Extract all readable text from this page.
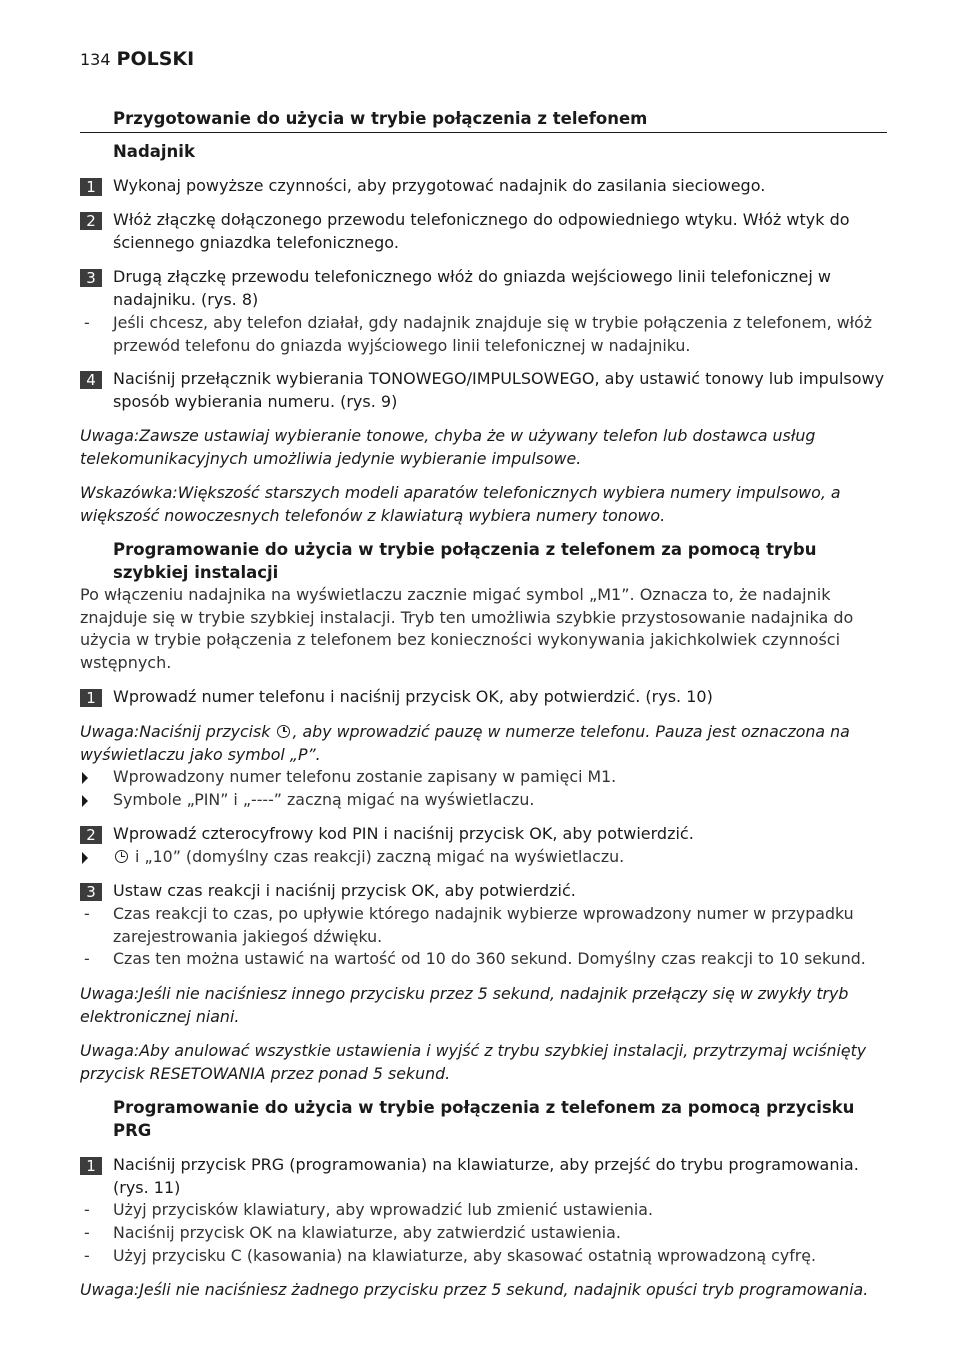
134 POLSKI
Przygotowanie do użycia w trybie połączenia z telefonem
Nadajnik
1	Wykonaj powyższe czynności, aby przygotować nadajnik do zasilania sieciowego.
2	Włóż złączkę dołączonego przewodu telefonicznego do odpowiedniego wtyku. Włóż wtyk do ściennego gniazdka telefonicznego.
3	Drugą złączkę przewodu telefonicznego włóż do gniazda wejściowego linii telefonicznej w nadajniku. (rys. 8)
- Jeśli chcesz, aby telefon działał, gdy nadajnik znajduje się w trybie połączenia z telefonem, włóż przewód telefonu do gniazda wyjściowego linii telefonicznej w nadajniku.
4	Naciśnij przełącznik wybierania TONOWEGO/IMPULSOWEGO, aby ustawić tonowy lub impulsowy sposób wybierania numeru. (rys. 9)
Uwaga:Zawsze ustawiaj wybieranie tonowe, chyba że w używany telefon lub dostawca usług telekomunikacyjnych umożliwia jedynie wybieranie impulsowe.
Wskazówka:Większość starszych modeli aparatów telefonicznych wybiera numery impulsowo, a większość nowoczesnych telefonów z klawiaturą wybiera numery tonowo.
Programowanie do użycia w trybie połączenia z telefonem za pomocą trybu szybkiej instalacji
Po włączeniu nadajnika na wyświetlaczu zacznie migać symbol „M1”. Oznacza to, że nadajnik znajduje się w trybie szybkiej instalacji. Tryb ten umożliwia szybkie przystosowanie nadajnika do użycia w trybie połączenia z telefonem bez konieczności wykonywania jakichkolwiek czynności wstępnych.
1	Wprowadź numer telefonu i naciśnij przycisk OK, aby potwierdzić. (rys. 10)
Uwaga:Naciśnij przycisk , aby wprowadzić pauzę w numerze telefonu. Pauza jest oznaczona na wyświetlaczu jako symbol „P”.
Wprowadzony numer telefonu zostanie zapisany w pamięci M1.
Symbole „PIN” i „----” zaczną migać na wyświetlaczu.
2	Wprowadź czterocyfrowy kod PIN i naciśnij przycisk OK, aby potwierdzić.
i „10” (domyślny czas reakcji) zaczną migać na wyświetlaczu.
3	Ustaw czas reakcji i naciśnij przycisk OK, aby potwierdzić.
- Czas reakcji to czas, po upływie którego nadajnik wybierze wprowadzony numer w przypadku zarejestrowania jakiegoś dźwięku.
- Czas ten można ustawić na wartość od 10 do 360 sekund. Domyślny czas reakcji to 10 sekund.
Uwaga:Jeśli nie naciśniesz innego przycisku przez 5 sekund, nadajnik przełączy się w zwykły tryb elektronicznej niani.
Uwaga:Aby anulować wszystkie ustawienia i wyjść z trybu szybkiej instalacji, przytrzymaj wciśnięty przycisk RESETOWANIA przez ponad 5 sekund.
Programowanie do użycia w trybie połączenia z telefonem za pomocą przycisku PRG
1	Naciśnij przycisk PRG (programowania) na klawiaturze, aby przejść do trybu programowania. (rys. 11)
- Użyj przycisków klawiatury, aby wprowadzić lub zmienić ustawienia.
- Naciśnij przycisk OK na klawiaturze, aby zatwierdzić ustawienia.
- Użyj przycisku C (kasowania) na klawiaturze, aby skasować ostatnią wprowadzoną cyfrę.
Uwaga:Jeśli nie naciśniesz żadnego przycisku przez 5 sekund, nadajnik opuści tryb programowania.
